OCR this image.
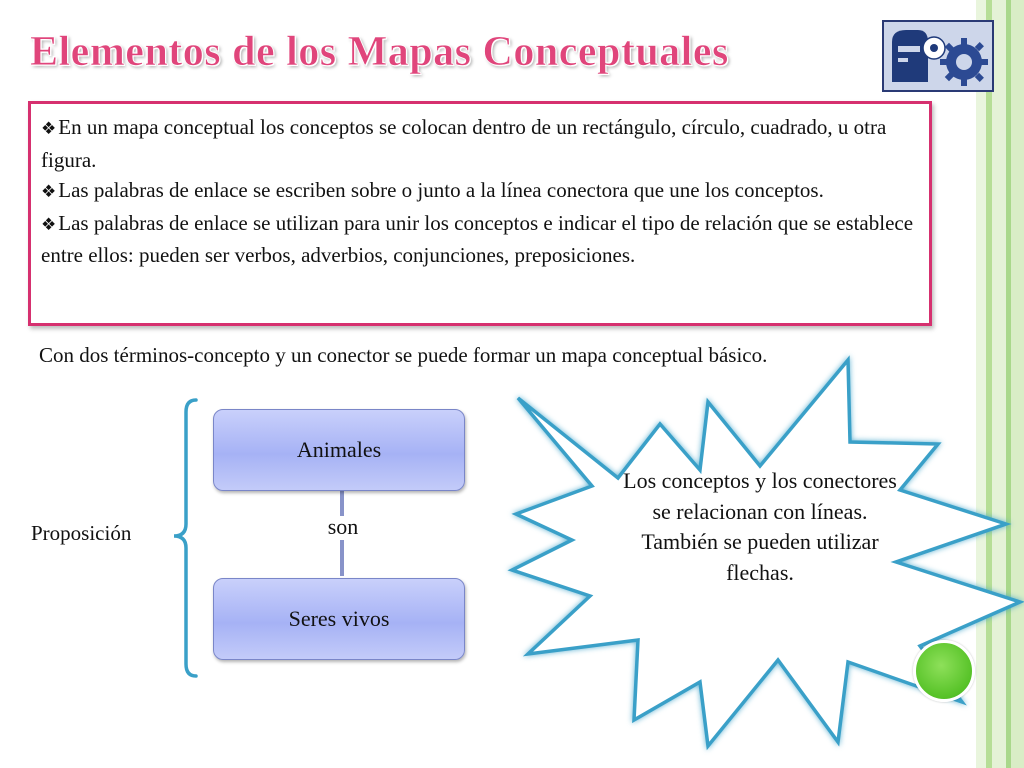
Elementos de los Mapas Conceptuales

❖En un mapa conceptual los conceptos se colocan dentro de un rectángulo, círculo, cuadrado, u otra figura.

❖Las palabras de enlace se escriben sobre o junto a la línea conectora que une los conceptos.

❖Las palabras de enlace se utilizan para unir los conceptos e indicar el tipo de relación que se establece entre ellos: pueden ser verbos, adverbios, conjunciones, preposiciones.

Con dos términos-concepto y un conector se puede formar un mapa conceptual básico.

Animales
son
Seres vivos
Proposición
Los conceptos y los conectores se relacionan con líneas. También se pueden utilizar flechas.
